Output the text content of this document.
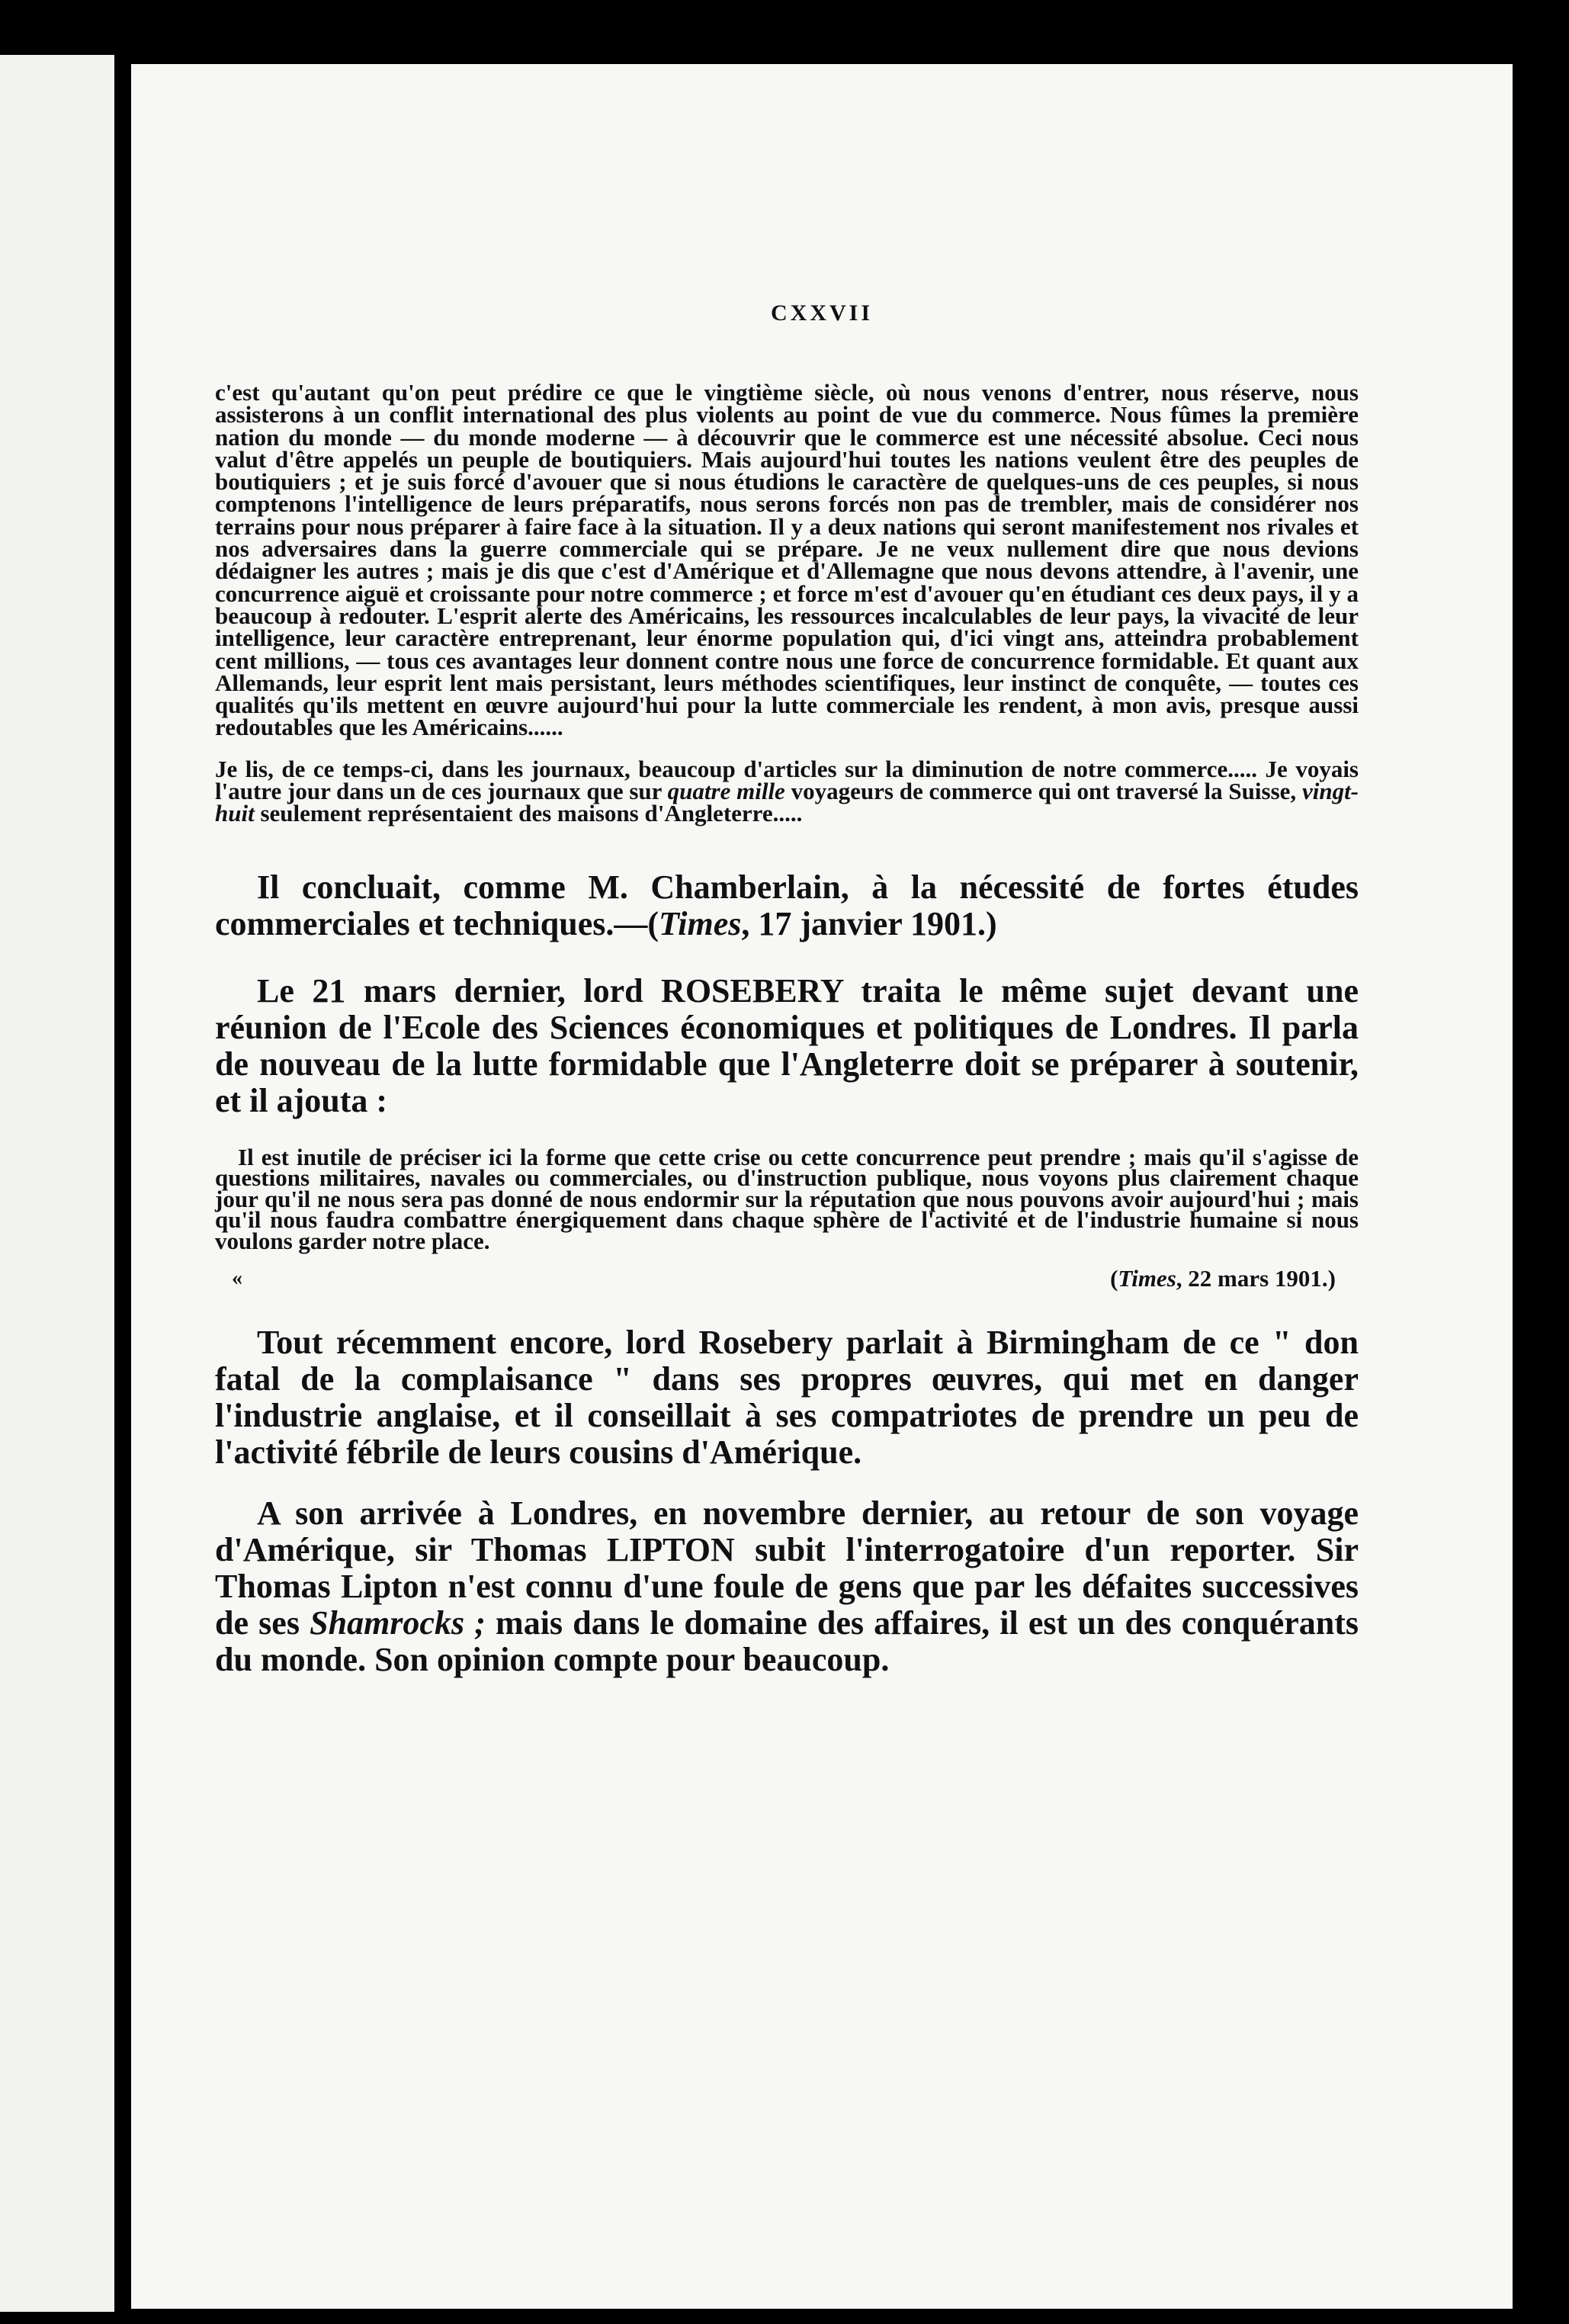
CXXVII

c'est qu'autant qu'on peut prédire ce que le vingtième siècle, où nous venons d'entrer, nous réserve, nous assisterons à un conflit international des plus violents au point de vue du commerce. Nous fûmes la première nation du monde — du monde moderne — à découvrir que le commerce est une nécessité absolue. Ceci nous valut d'être appelés un peuple de boutiquiers. Mais aujourd'hui toutes les nations veulent être des peuples de boutiquiers ; et je suis forcé d'avouer que si nous étudions le caractère de quelques-uns de ces peuples, si nous comptenons l'intelligence de leurs préparatifs, nous serons forcés non pas de trembler, mais de considérer nos terrains pour nous préparer à faire face à la situation. Il y a deux nations qui seront manifestement nos rivales et nos adversaires dans la guerre commerciale qui se prépare. Je ne veux nullement dire que nous devions dédaigner les autres ; mais je dis que c'est d'Amérique et d'Allemagne que nous devons attendre, à l'avenir, une concurrence aiguë et croissante pour notre commerce ; et force m'est d'avouer qu'en étudiant ces deux pays, il y a beaucoup à redouter. L'esprit alerte des Américains, les ressources incalculables de leur pays, la vivacité de leur intelligence, leur caractère entreprenant, leur énorme population qui, d'ici vingt ans, atteindra probablement cent millions, — tous ces avantages leur donnent contre nous une force de concurrence formidable. Et quant aux Allemands, leur esprit lent mais persistant, leurs méthodes scientifiques, leur instinct de conquête, — toutes ces qualités qu'ils mettent en œuvre aujourd'hui pour la lutte commerciale les rendent, à mon avis, presque aussi redoutables que les Américains......

Je lis, de ce temps-ci, dans les journaux, beaucoup d'articles sur la diminution de notre commerce..... Je voyais l'autre jour dans un de ces journaux que sur quatre mille voyageurs de commerce qui ont traversé la Suisse, vingt-huit seulement représentaient des maisons d'Angleterre.....

Il concluait, comme M. Chamberlain, à la nécessité de fortes études commerciales et techniques.—(Times, 17 janvier 1901.)

Le 21 mars dernier, lord ROSEBERY traita le même sujet devant une réunion de l'Ecole des Sciences économiques et politiques de Londres. Il parla de nouveau de la lutte formidable que l'Angleterre doit se préparer à soutenir, et il ajouta :

Il est inutile de préciser ici la forme que cette crise ou cette concurrence peut prendre ; mais qu'il s'agisse de questions militaires, navales ou commerciales, ou d'instruction publique, nous voyons plus clairement chaque jour qu'il ne nous sera pas donné de nous endormir sur la réputation que nous pouvons avoir aujourd'hui ; mais qu'il nous faudra combattre énergiquement dans chaque sphère de l'activité et de l'industrie humaine si nous voulons garder notre place.

«	(Times, 22 mars 1901.)

Tout récemment encore, lord Rosebery parlait à Birmingham de ce " don fatal de la complaisance " dans ses propres œuvres, qui met en danger l'industrie anglaise, et il conseillait à ses compatriotes de prendre un peu de l'activité fébrile de leurs cousins d'Amérique.

A son arrivée à Londres, en novembre dernier, au retour de son voyage d'Amérique, sir Thomas LIPTON subit l'interrogatoire d'un reporter. Sir Thomas Lipton n'est connu d'une foule de gens que par les défaites successives de ses Shamrocks ; mais dans le domaine des affaires, il est un des conquérants du monde. Son opinion compte pour beaucoup.
